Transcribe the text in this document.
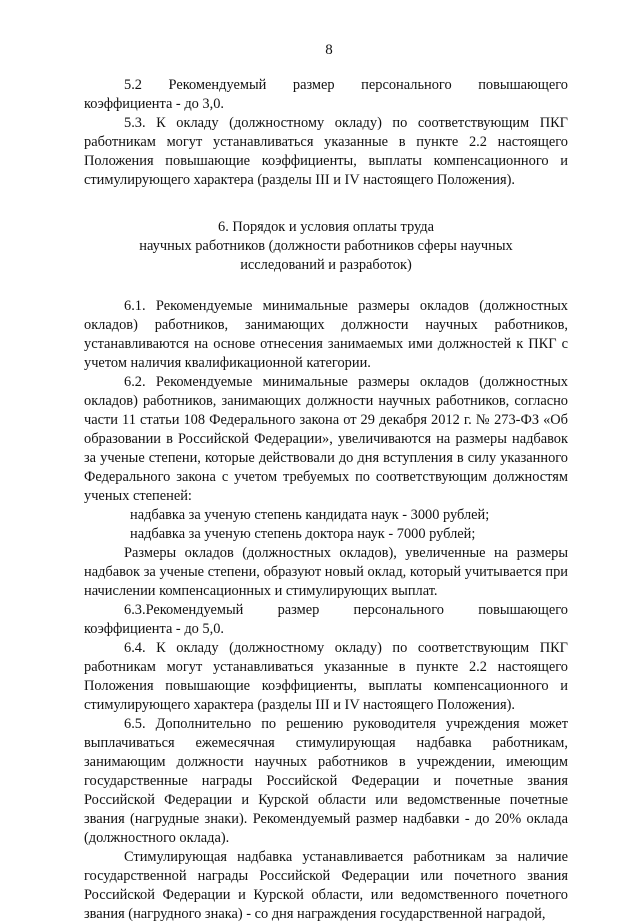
8

5.2 Рекомендуемый размер персонального повышающего

коэффициента - до 3,0.

5.3. К окладу (должностному окладу) по соответствующим ПКГ работникам могут устанавливаться указанные в пункте 2.2 настоящего Положения повышающие коэффициенты, выплаты компенсационного и стимулирующего характера (разделы III и IV настоящего Положения).

6. Порядок и условия оплаты труда
научных работников (должности работников сферы научных
исследований и разработок)

6.1. Рекомендуемые минимальные размеры окладов (должностных окладов) работников, занимающих должности научных работников, устанавливаются на основе отнесения занимаемых ими должностей к ПКГ с учетом наличия квалификационной категории.

6.2. Рекомендуемые минимальные размеры окладов (должностных окладов) работников, занимающих должности научных работников, согласно части 11 статьи 108 Федерального закона от 29 декабря 2012 г. № 273-ФЗ «Об образовании в Российской Федерации», увеличиваются на размеры надбавок за ученые степени, которые действовали до дня вступления в силу указанного Федерального закона с учетом требуемых по соответствующим должностям ученых степеней:

надбавка за ученую степень кандидата наук - 3000 рублей;

надбавка за ученую степень доктора наук - 7000 рублей;

Размеры окладов (должностных окладов), увеличенные на размеры надбавок за ученые степени, образуют новый оклад, который учитывается при начислении компенсационных и стимулирующих выплат.

6.3.Рекомендуемый размер персонального повышающего

коэффициента - до 5,0.

6.4. К окладу (должностному окладу) по соответствующим ПКГ работникам могут устанавливаться указанные в пункте 2.2 настоящего Положения повышающие коэффициенты, выплаты компенсационного и стимулирующего характера (разделы III и IV настоящего Положения).

6.5. Дополнительно по решению руководителя учреждения может выплачиваться ежемесячная стимулирующая надбавка работникам, занимающим должности научных работников в учреждении, имеющим государственные награды Российской Федерации и почетные звания Российской Федерации и Курской области или ведомственные почетные звания (нагрудные знаки). Рекомендуемый размер надбавки - до 20% оклада (должностного оклада).

Стимулирующая надбавка устанавливается работникам за наличие государственной награды Российской Федерации или почетного звания Российской Федерации и Курской области, или ведомственного почетного звания (нагрудного знака) - со дня награждения государственной наградой,
